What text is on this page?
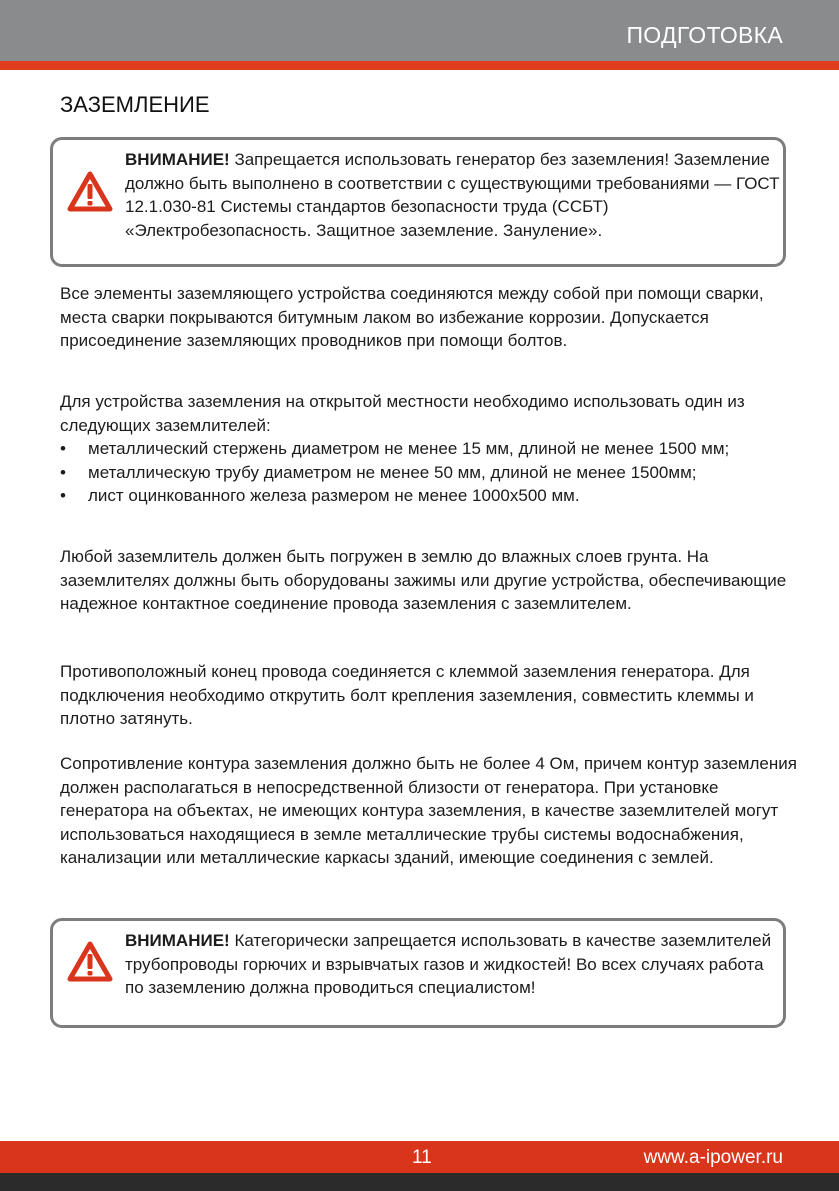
ПОДГОТОВКА
ЗАЗЕМЛЕНИЕ
ВНИМАНИЕ! Запрещается использовать генератор без заземления! Заземление должно быть выполнено в соответствии с существующими требованиями — ГОСТ 12.1.030-81 Системы стандартов безопасности труда (ССБТ) «Электробезопасность. Защитное заземление. Зануление».

Все элементы заземляющего устройства соединяются между собой при помощи сварки, места сварки покрываются битумным лаком во избежание коррозии. Допускается присоединение заземляющих проводников при помощи болтов.

Для устройства заземления на открытой местности необходимо использовать один из следующих заземлителей:

• металлический стержень диаметром не менее 15 мм, длиной не менее 1500 мм;
• металлическую трубу диаметром не менее 50 мм, длиной не менее 1500мм;
• лист оцинкованного железа размером не менее 1000х500 мм.

Любой заземлитель должен быть погружен в землю до влажных слоев грунта. На заземлителях должны быть оборудованы зажимы или другие устройства, обеспечивающие надежное контактное соединение провода заземления с заземлителем.

Противоположный конец провода соединяется с клеммой заземления генератора. Для подключения необходимо открутить болт крепления заземления, совместить клеммы и плотно затянуть.

Сопротивление контура заземления должно быть не более 4 Ом, причем контур заземления должен располагаться в непосредственной близости от генератора. При установке генератора на объектах, не имеющих контура заземления, в качестве заземлителей могут использоваться находящиеся в земле металлические трубы системы водоснабжения, канализации или металлические каркасы зданий, имеющие соединения с землей.

ВНИМАНИЕ! Категорически запрещается использовать в качестве заземлителей трубопроводы горючих и взрывчатых газов и жидкостей! Во всех случаях работа по заземлению должна проводиться специалистом!
11	www.a-ipower.ru
